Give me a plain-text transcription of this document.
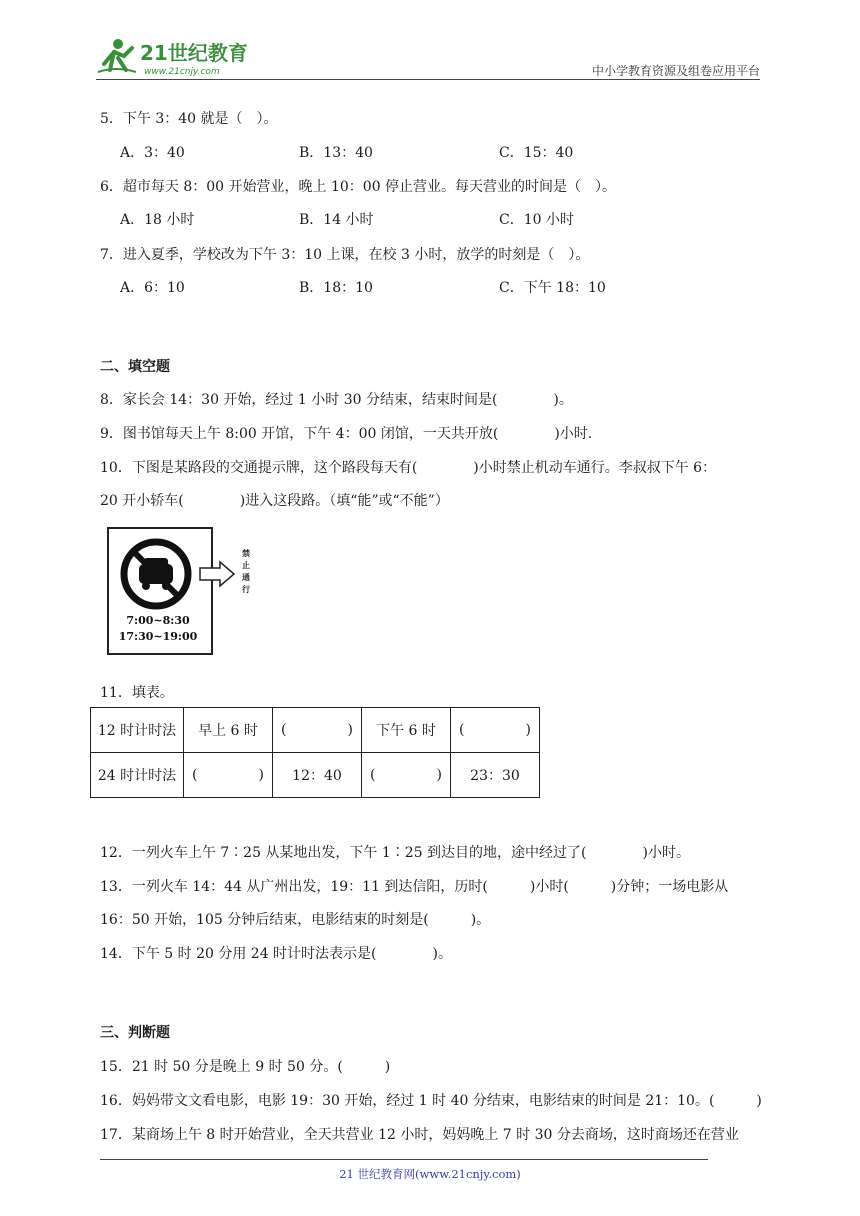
21世纪教育
www.21cnjy.com	中小学教育资源及组卷应用平台
5．下午 3：40 就是（　）。
A．3：40	B．13：40	C．15：40
6．超市每天 8：00 开始营业，晚上 10：00 停止营业。每天营业的时间是（　）。
A．18 小时	B．14 小时	C．10 小时
7．进入夏季，学校改为下午 3：10 上课，在校 3 小时，放学的时刻是（　）。
A．6：10	B．18：10	C．下午 18：10
二、填空题
8．家长会 14：30 开始，经过 1 小时 30 分结束，结束时间是(　　　　)。
9．图书馆每天上午 8:00 开馆，下午 4：00 闭馆，一天共开放(　　　　)小时.
10．下图是某路段的交通提示牌，这个路段每天有(　　　　)小时禁止机动车通行。李叔叔下午 6：
20 开小轿车(　　　　)进入这段路。（填“能”或“不能”）
禁
止
通
行
7:00~8:30
17:30~19:00
11．填表。
12 时计时法	早上 6 时	( )	下午 6 时	( )

24 时计时法	( )	12：40	( )	23：30
12．一列火车上午 7∶25 从某地出发，下午 1∶25 到达目的地，途中经过了(　　　　)小时。
13．一列火车 14：44 从广州出发，19：11 到达信阳，历时(　　　)小时(　　　)分钟；一场电影从
16：50 开始，105 分钟后结束，电影结束的时刻是(　　　)。
14．下午 5 时 20 分用 24 时计时法表示是(　　　　)。
三、判断题
15．21 时 50 分是晚上 9 时 50 分。(　　　)
16．妈妈带文文看电影，电影 19：30 开始，经过 1 时 40 分结束，电影结束的时间是 21：10。(　　　)
17．某商场上午 8 时开始营业，全天共营业 12 小时，妈妈晚上 7 时 30 分去商场，这时商场还在营业
21 世纪教育网(www.21cnjy.com)
